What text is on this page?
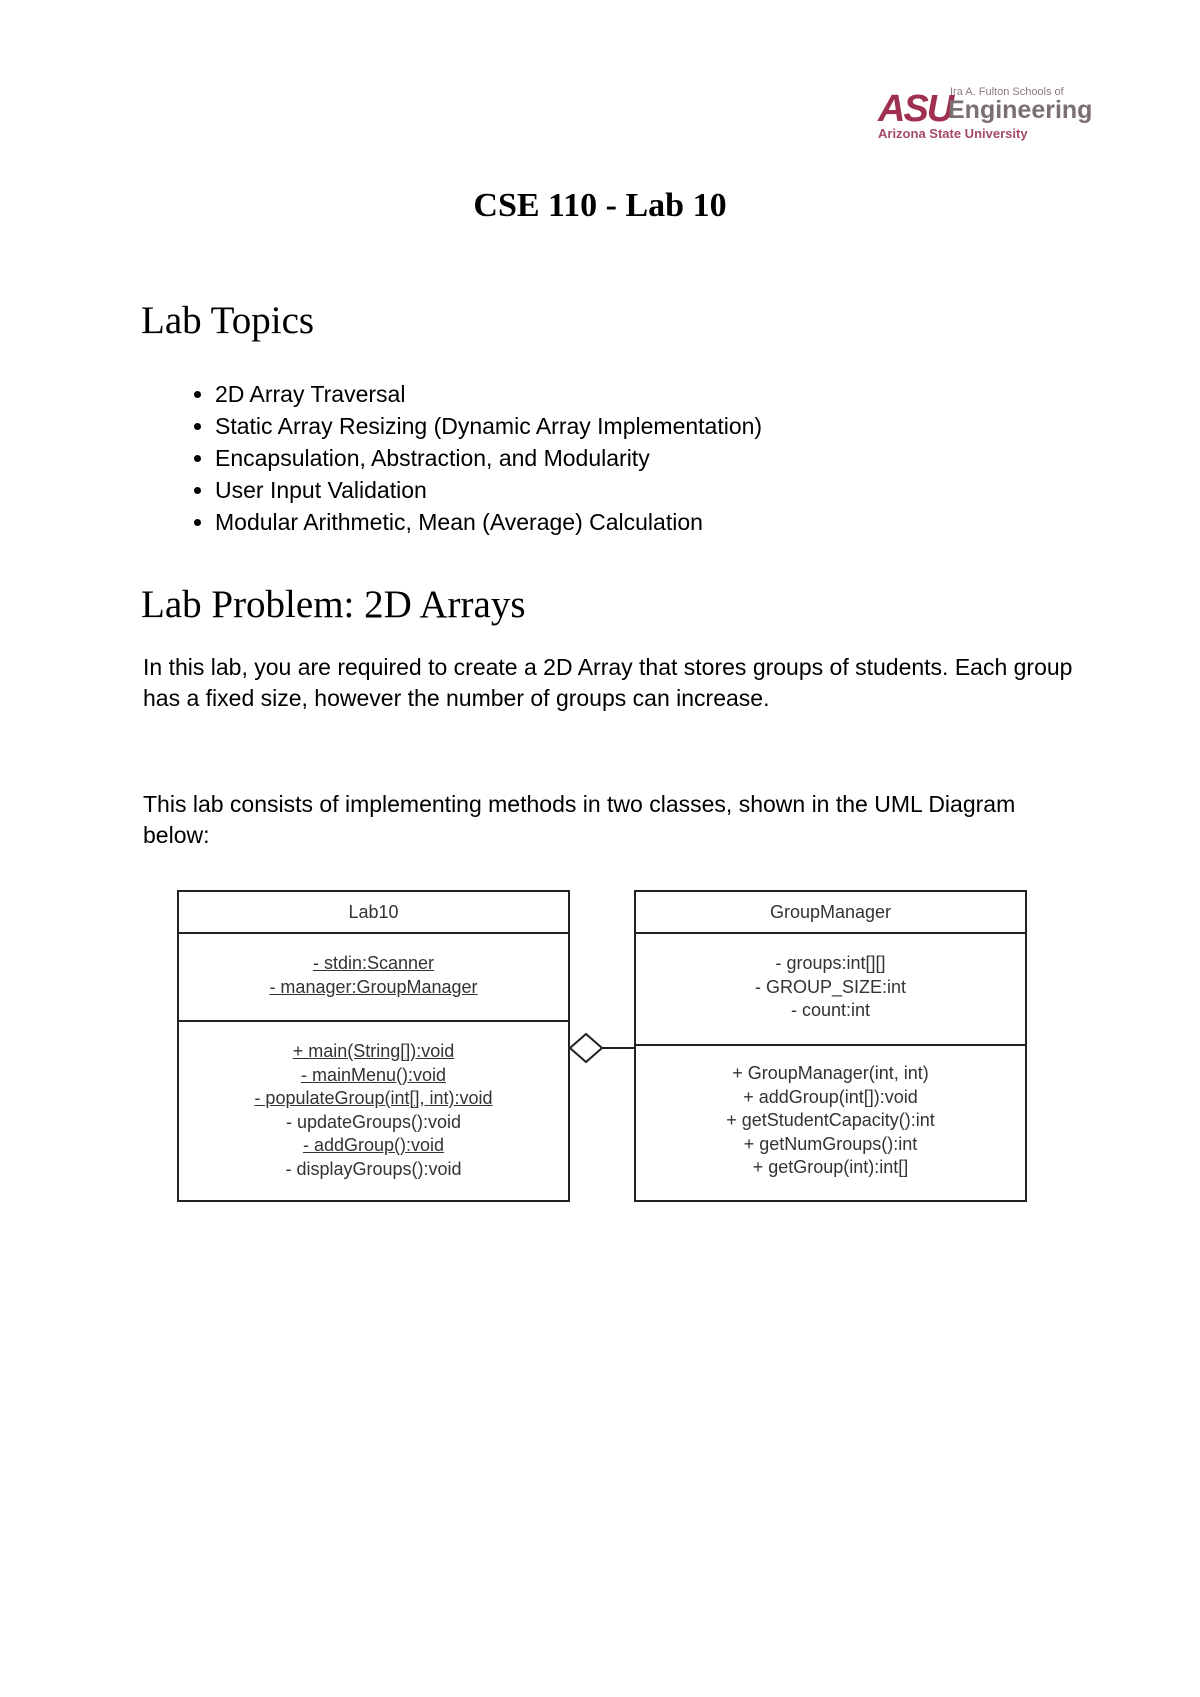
ASU
Ira A. Fulton Schools of
Engineering
Arizona State University
CSE 110 - Lab 10
Lab Topics
• 2D Array Traversal
• Static Array Resizing (Dynamic Array Implementation)
• Encapsulation, Abstraction, and Modularity
• User Input Validation
• Modular Arithmetic, Mean (Average) Calculation
Lab Problem: 2D Arrays

In this lab, you are required to create a 2D Array that stores groups of students. Each group has a fixed size, however the number of groups can increase.

This lab consists of implementing methods in two classes, shown in the UML Diagram below:

Lab10
- stdin:Scanner
- manager:GroupManager
+ main(String[]):void
- mainMenu():void
- populateGroup(int[], int):void
- updateGroups():void
- addGroup():void
- displayGroups():void
GroupManager
- groups:int[][]
- GROUP_SIZE:int
- count:int
+ GroupManager(int, int)
+ addGroup(int[]):void
+ getStudentCapacity():int
+ getNumGroups():int
+ getGroup(int):int[]
